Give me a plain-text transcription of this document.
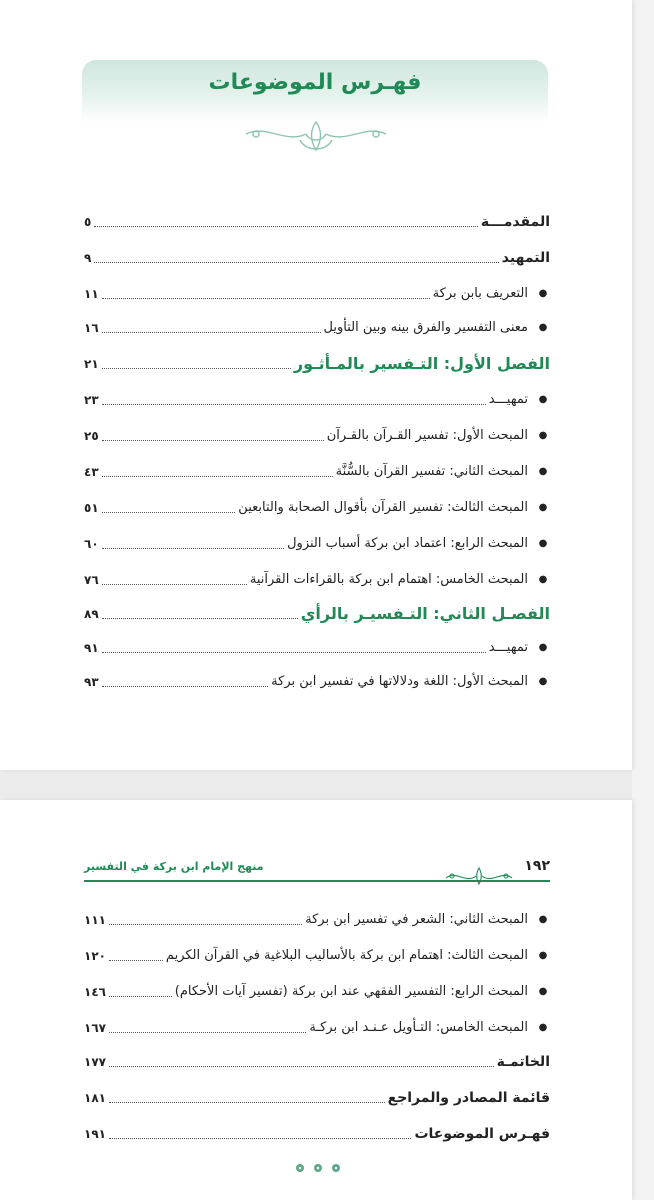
فهـرس الموضوعات
المقدمـــة
٥
التمهيد
٩
●
التعريف بابن بركة
١١
●
معنى التفسير والفرق بينه وبين التأويل
١٦
الفصل الأول: التـفسير بالمـأثـور
٢١
●
تمهيـــد
٢٣
●
المبحث الأول: تفسير القـرآن بالقـرآن
٢٥
●
المبحث الثاني: تفسير القرآن بالسُّنَّة
٤٣
●
المبحث الثالث: تفسير القرآن بأقوال الصحابة والتابعين
٥١
●
المبحث الرابع: اعتماد ابن بركة أسباب النزول
٦٠
●
المبحث الخامس: اهتمام ابن بركة بالقراءات القرآنية
٧٦
الفصـل الثاني: التـفسيـر بالرأي
٨٩
●
تمهيـــد
٩١
●
المبحث الأول: اللغة ودلالاتها في تفسير ابن بركة
٩٣
منهج الإمام ابن بركة في التفسير	١٩٢
●
المبحث الثاني: الشعر في تفسير ابن بركة
١١١
●
المبحث الثالث: اهتمام ابن بركة بالأساليب البلاغية في القرآن الكريم
١٢٠
●
المبحث الرابع: التفسير الفقهي عند ابن بركة (تفسير آيات الأحكام)
١٤٦
●
المبحث الخامس: التـأويل عـنـد ابن بركـة
١٦٧
الخاتمـة
١٧٧
قائمة المصادر والمراجع
١٨١
فهـرس الموضوعات
١٩١
